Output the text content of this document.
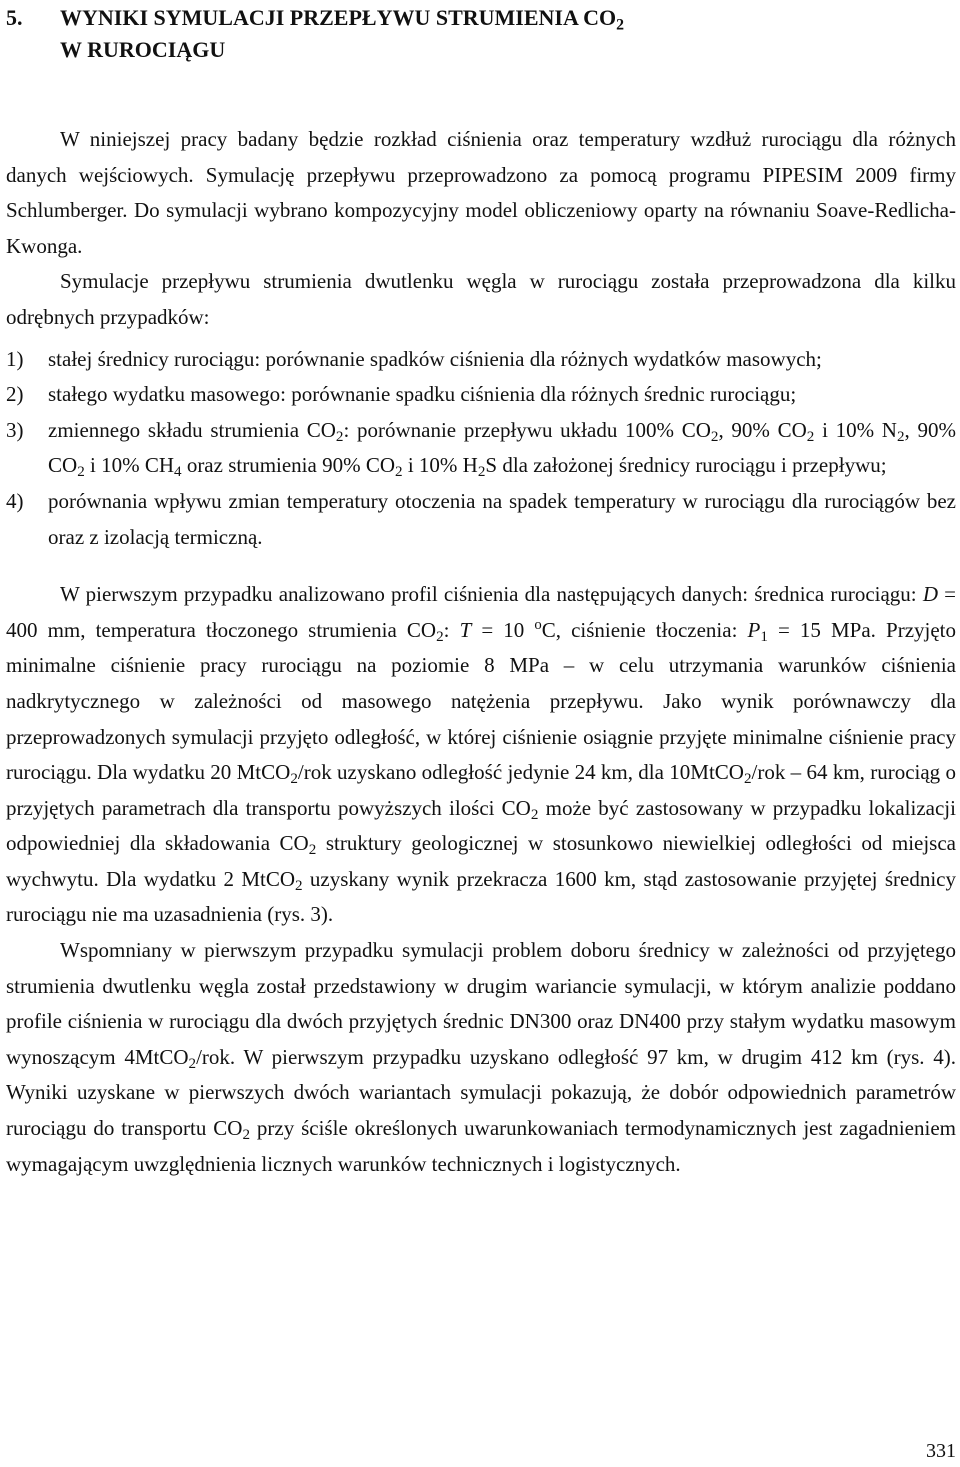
5.	WYNIKI SYMULACJI PRZEPŁYWU STRUMIENIA $CO_2$
W RUROCIĄGU

W niniejszej pracy badany będzie rozkład ciśnienia oraz temperatury wzdłuż rurociągu dla różnych danych wejściowych. Symulację przepływu przeprowadzono za pomocą programu PIPESIM 2009 firmy Schlumberger. Do symulacji wybrano kompozycyjny model obliczeniowy oparty na równaniu Soave-Redlicha-Kwonga.

Symulacje przepływu strumienia dwutlenku węgla w rurociągu została przeprowadzona dla kilku odrębnych przypadków:

1)	stałej średnicy rurociągu: porównanie spadków ciśnienia dla różnych wydatków masowych;
2)	stałego wydatku masowego: porównanie spadku ciśnienia dla różnych średnic rurociągu;
3)	zmiennego składu strumienia $CO_2$: porównanie przepływu układu 100% $CO_2$, 90% $CO_2$ i 10% $N_2$, 90% $CO_2$ i 10% $CH_4$ oraz strumienia 90% $CO_2$ i 10% $H_2S$ dla założonej średnicy rurociągu i przepływu;
4)	porównania wpływu zmian temperatury otoczenia na spadek temperatury w rurociągu dla rurociągów bez oraz z izolacją termiczną.

W pierwszym przypadku analizowano profil ciśnienia dla następujących danych: średnica rurociągu: D = 400 mm, temperatura tłoczonego strumienia $CO_2$: T = 10 $^o$C, ciśnienie tłoczenia: $P_1 = 15$ MPa. Przyjęto minimalne ciśnienie pracy rurociągu na poziomie 8 MPa – w celu utrzymania warunków ciśnienia nadkrytycznego w zależności od masowego natężenia przepływu. Jako wynik porównawczy dla przeprowadzonych symulacji przyjęto odległość, w której ciśnienie osiągnie przyjęte minimalne ciśnienie pracy rurociągu. Dla wydatku 20 MtCO$_2$/rok uzyskano odległość jedynie 24 km, dla 10MtCO$_2$/rok – 64 km, rurociąg o przyjętych parametrach dla transportu powyższych ilości $CO_2$ może być zastosowany w przypadku lokalizacji odpowiedniej dla składowania $CO_2$ struktury geologicznej w stosunkowo niewielkiej odległości od miejsca wychwytu. Dla wydatku 2 MtCO$_2$ uzyskany wynik przekracza 1600 km, stąd zastosowanie przyjętej średnicy rurociągu nie ma uzasadnienia (rys. 3).

Wspomniany w pierwszym przypadku symulacji problem doboru średnicy w zależności od przyjętego strumienia dwutlenku węgla został przedstawiony w drugim wariancie symulacji, w którym analizie poddano profile ciśnienia w rurociągu dla dwóch przyjętych średnic DN300 oraz DN400 przy stałym wydatku masowym wynoszącym 4MtCO$_2$/rok. W pierwszym przypadku uzyskano odległość 97 km, w drugim 412 km (rys. 4). Wyniki uzyskane w pierwszych dwóch wariantach symulacji pokazują, że dobór odpowiednich parametrów rurociągu do transportu $CO_2$ przy ściśle określonych uwarunkowaniach termodynamicznych jest zagadnieniem wymagającym uwzględnienia licznych warunków technicznych i logistycznych.

331
